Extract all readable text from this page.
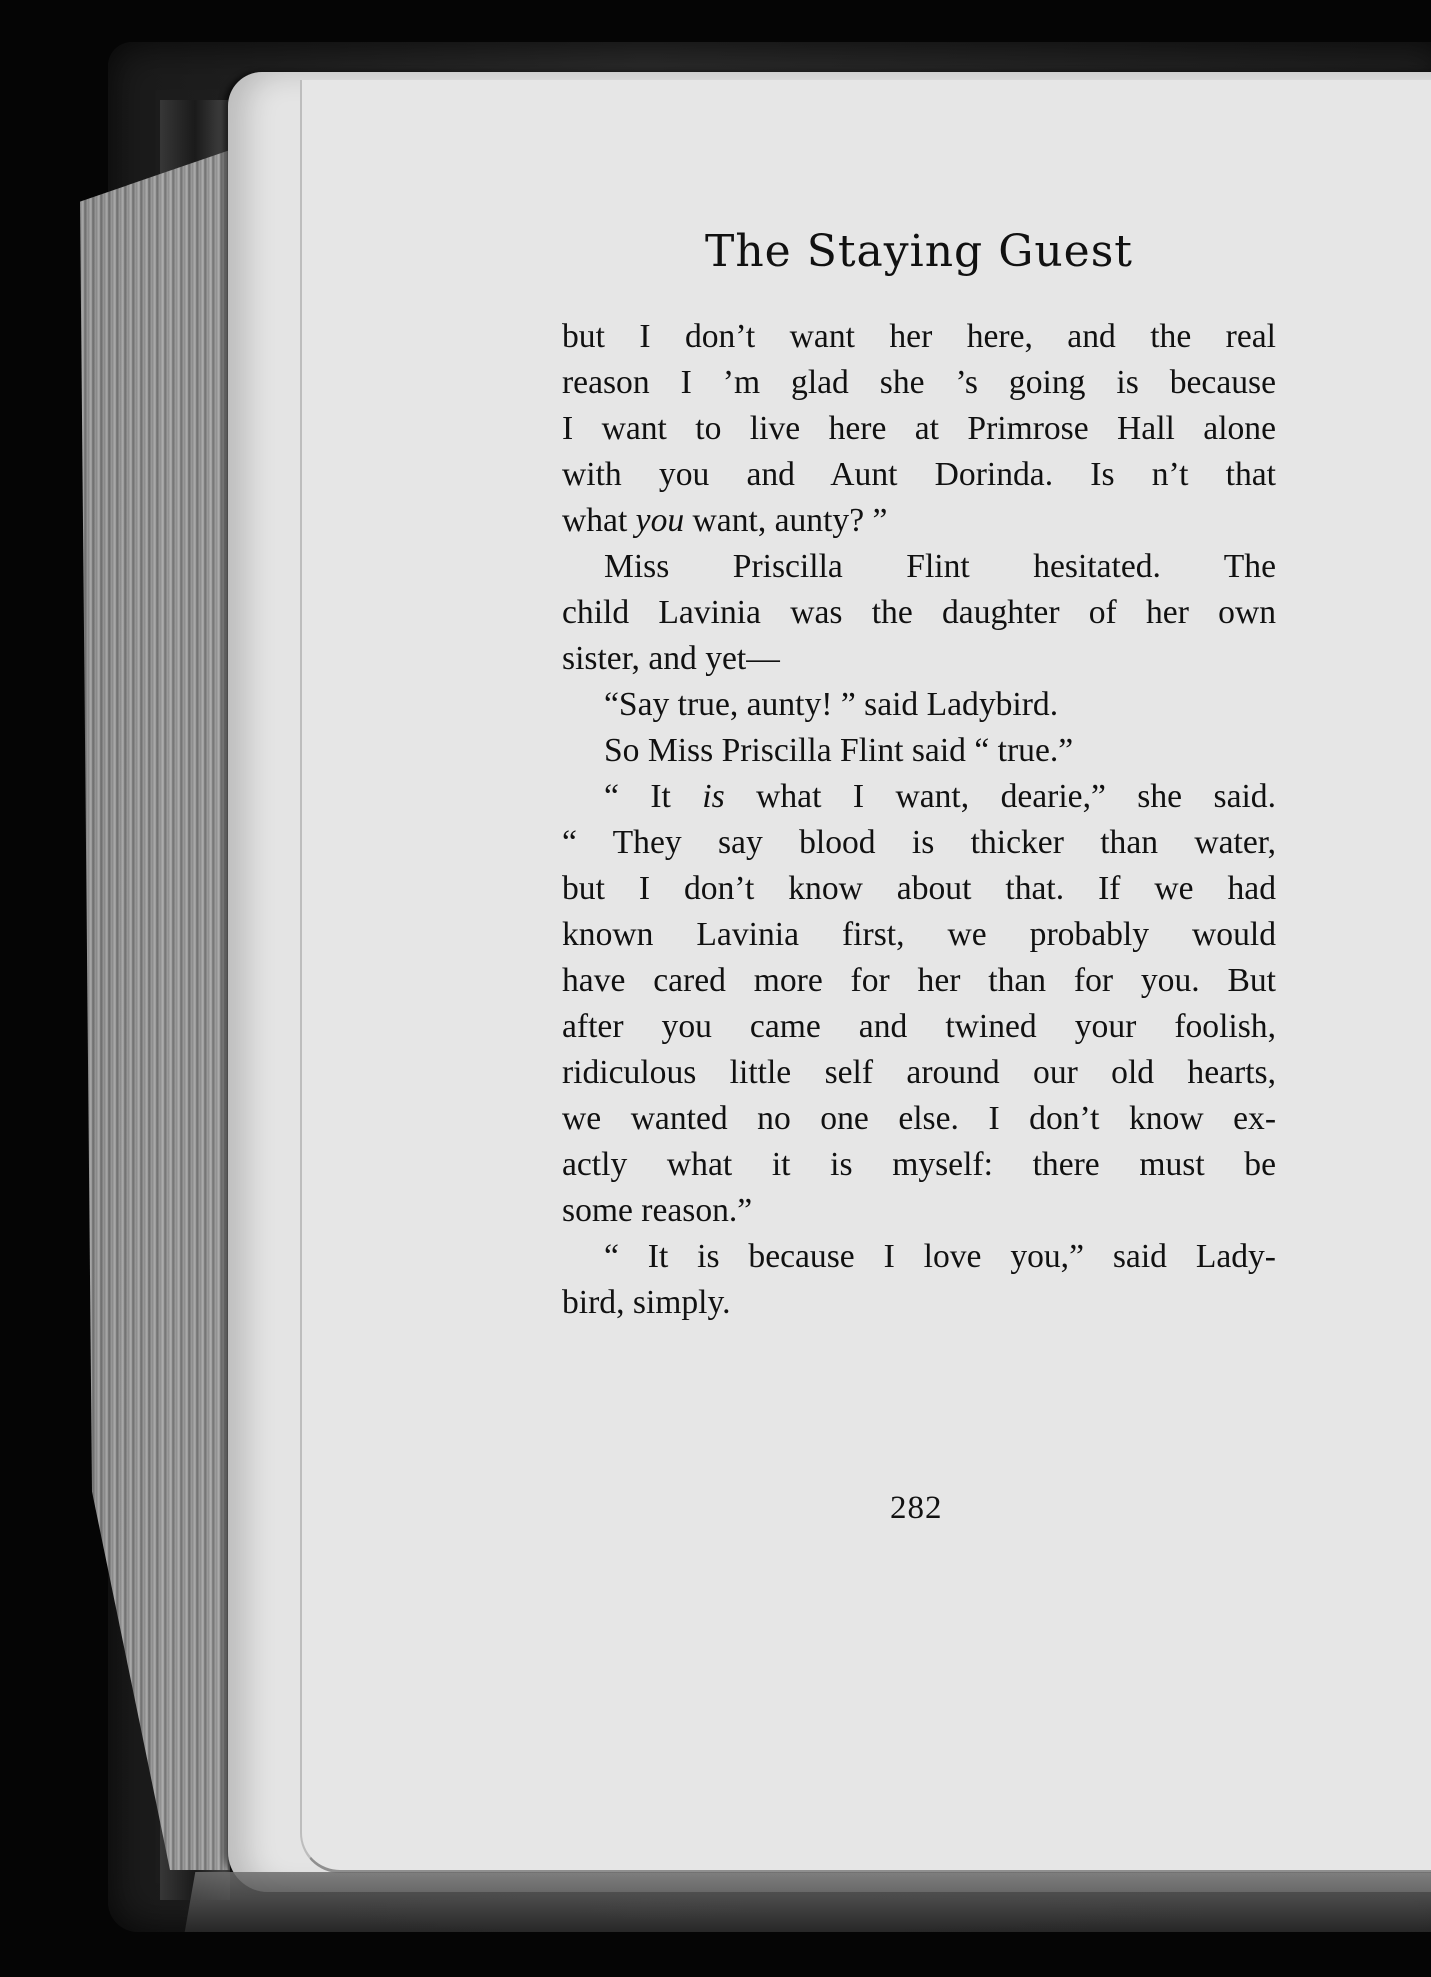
The Staying Guest
but I don’t want her here, and the real
reason I ’m glad she ’s going is because
I want to live here at Primrose Hall alone
with you and Aunt Dorinda. Is n’t that
what you want, aunty? ”
Miss Priscilla Flint hesitated. The
child Lavinia was the daughter of her own
sister, and yet—
“Say true, aunty! ” said Ladybird.
So Miss Priscilla Flint said “ true.”
“ It is what I want, dearie,” she said.
“ They say blood is thicker than water,
but I don’t know about that. If we had
known Lavinia first, we probably would
have cared more for her than for you. But
after you came and twined your foolish,
ridiculous little self around our old hearts,
we wanted no one else. I don’t know ex-
actly what it is myself: there must be
some reason.”
“ It is because I love you,” said Lady-
bird, simply.
282
